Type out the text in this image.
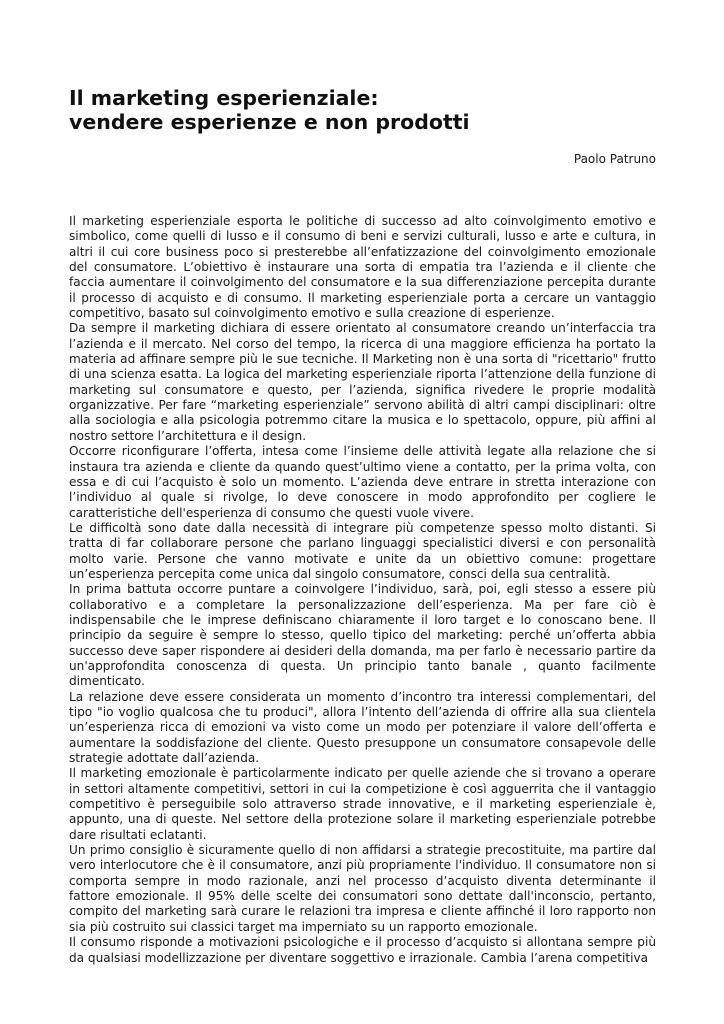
Il marketing esperienziale:
vendere esperienze e non prodotti
Paolo Patruno

Il marketing esperienziale esporta le politiche di successo ad alto coinvolgimento emotivo e simbolico, come quelli di lusso e il consumo di beni e servizi culturali, lusso e arte e cultura, in altri il cui core business poco si presterebbe all’enfatizzazione del coinvolgimento emozionale del consumatore. L’obiettivo è instaurare una sorta di empatia tra l’azienda e il cliente che faccia aumentare il coinvolgimento del consumatore e la sua differenziazione percepita durante il processo di acquisto e di consumo. Il marketing esperienziale porta a cercare un vantaggio competitivo, basato sul coinvolgimento emotivo e sulla creazione di esperienze.

Da sempre il marketing dichiara di essere orientato al consumatore creando un’interfaccia tra l’azienda e il mercato. Nel corso del tempo, la ricerca di una maggiore efficienza ha portato la materia ad affinare sempre più le sue tecniche. Il Marketing non è una sorta di "ricettario" frutto di una scienza esatta. La logica del marketing esperienziale riporta l’attenzione della funzione di marketing sul consumatore e questo, per l’azienda, significa rivedere le proprie modalità organizzative. Per fare “marketing esperienziale” servono abilità di altri campi disciplinari: oltre alla sociologia e alla psicologia potremmo citare la musica e lo spettacolo, oppure, più affini al nostro settore l’architettura e il design.

Occorre riconfigurare l’offerta, intesa come l’insieme delle attività legate alla relazione che si instaura tra azienda e cliente da quando quest’ultimo viene a contatto, per la prima volta, con essa e di cui l’acquisto è solo un momento. L’azienda deve entrare in stretta interazione con l’individuo al quale si rivolge, lo deve conoscere in modo approfondito per cogliere le caratteristiche dell'esperienza di consumo che questi vuole vivere.

Le difficoltà sono date dalla necessità di integrare più competenze spesso molto distanti. Si tratta di far collaborare persone che parlano linguaggi specialistici diversi e con personalità molto varie. Persone che vanno motivate e unite da un obiettivo comune: progettare un’esperienza percepita come unica dal singolo consumatore, consci della sua centralità.

In prima battuta occorre puntare a coinvolgere l’individuo, sarà, poi, egli stesso a essere più collaborativo e a completare la personalizzazione dell’esperienza. Ma per fare ciò è indispensabile che le imprese definiscano chiaramente il loro target e lo conoscano bene. Il principio da seguire è sempre lo stesso, quello tipico del marketing: perché un’offerta abbia successo deve saper rispondere ai desideri della domanda, ma per farlo è necessario partire da un'approfondita conoscenza di questa. Un principio tanto banale , quanto facilmente dimenticato.

La relazione deve essere considerata un momento d’incontro tra interessi complementari, del tipo "io voglio qualcosa che tu produci", allora l’intento dell’azienda di offrire alla sua clientela un’esperienza ricca di emozioni va visto come un modo per potenziare il valore dell’offerta e aumentare la soddisfazione del cliente. Questo presuppone un consumatore consapevole delle strategie adottate dall’azienda.

Il marketing emozionale è particolarmente indicato per quelle aziende che si trovano a operare in settori altamente competitivi, settori in cui la competizione è così agguerrita che il vantaggio competitivo è perseguibile solo attraverso strade innovative, e il marketing esperienziale è, appunto, una di queste. Nel settore della protezione solare il marketing esperienziale potrebbe dare risultati eclatanti.

Un primo consiglio è sicuramente quello di non affidarsi a strategie precostituite, ma partire dal vero interlocutore che è il consumatore, anzi più propriamente l'individuo. Il consumatore non si comporta sempre in modo razionale, anzi nel processo d’acquisto diventa determinante il fattore emozionale. Il 95% delle scelte dei consumatori sono dettate dall'inconscio, pertanto, compito del marketing sarà curare le relazioni tra impresa e cliente affinché il loro rapporto non sia più costruito sui classici target ma imperniato su un rapporto emozionale.

Il consumo risponde a motivazioni psicologiche e il processo d’acquisto si allontana sempre più da qualsiasi modellizzazione per diventare soggettivo e irrazionale. Cambia l’arena competitiva
